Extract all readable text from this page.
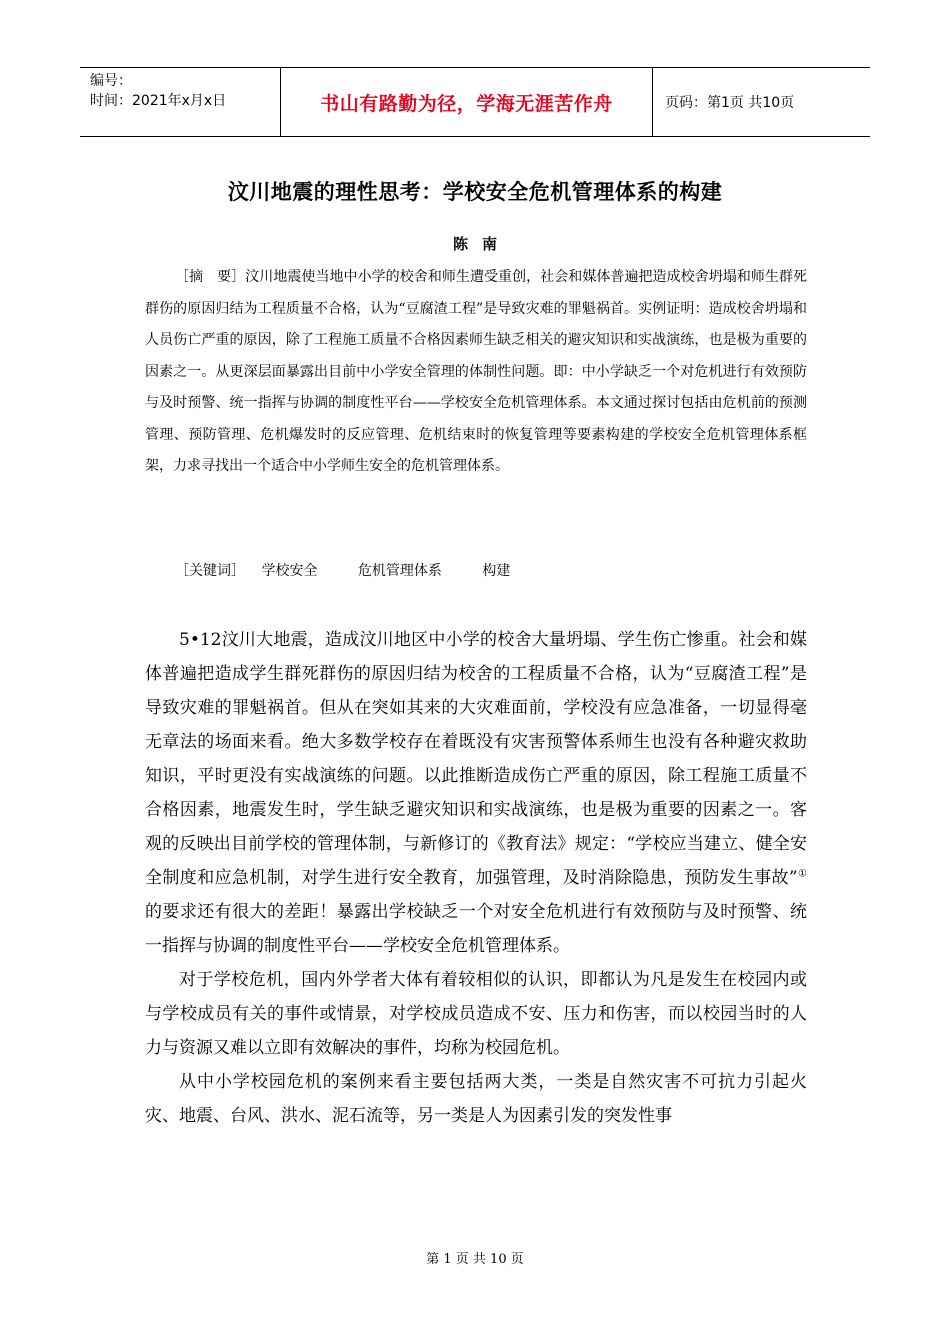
编号：
时间：2021年x月x日	书山有路勤为径，学海无涯苦作舟	页码：第1页 共10页
汶川地震的理性思考：学校安全危机管理体系的构建
陈 南

［摘　要］汶川地震使当地中小学的校舍和师生遭受重创，社会和媒体普遍把造成校舍坍塌和师生群死群伤的原因归结为工程质量不合格，认为“豆腐渣工程”是导致灾难的罪魁祸首。实例证明：造成校舍坍塌和人员伤亡严重的原因，除了工程施工质量不合格因素师生缺乏相关的避灾知识和实战演练，也是极为重要的因素之一。从更深层面暴露出目前中小学安全管理的体制性问题。即：中小学缺乏一个对危机进行有效预防与及时预警、统一指挥与协调的制度性平台——学校安全危机管理体系。本文通过探讨包括由危机前的预测管理、预防管理、危机爆发时的反应管理、危机结束时的恢复管理等要素构建的学校安全危机管理体系框架，力求寻找出一个适合中小学师生安全的危机管理体系。

［关键词］ 学校安全	危机管理体系	构建

5•12汶川大地震，造成汶川地区中小学的校舍大量坍塌、学生伤亡惨重。社会和媒体普遍把造成学生群死群伤的原因归结为校舍的工程质量不合格，认为“豆腐渣工程”是导致灾难的罪魁祸首。但从在突如其来的大灾难面前，学校没有应急准备，一切显得毫无章法的场面来看。绝大多数学校存在着既没有灾害预警体系师生也没有各种避灾救助知识，平时更没有实战演练的问题。以此推断造成伤亡严重的原因，除工程施工质量不合格因素，地震发生时，学生缺乏避灾知识和实战演练，也是极为重要的因素之一。客观的反映出目前学校的管理体制，与新修订的《教育法》规定：“学校应当建立、健全安全制度和应急机制，对学生进行安全教育，加强管理，及时消除隐患，预防发生事故”①的要求还有很大的差距！暴露出学校缺乏一个对安全危机进行有效预防与及时预警、统一指挥与协调的制度性平台——学校安全危机管理体系。

对于学校危机，国内外学者大体有着较相似的认识，即都认为凡是发生在校园内或与学校成员有关的事件或情景，对学校成员造成不安、压力和伤害，而以校园当时的人力与资源又难以立即有效解决的事件，均称为校园危机。

从中小学校园危机的案例来看主要包括两大类，一类是自然灾害不可抗力引起火灾、地震、台风、洪水、泥石流等，另一类是人为因素引发的突发性事

第 1 页 共 10 页
